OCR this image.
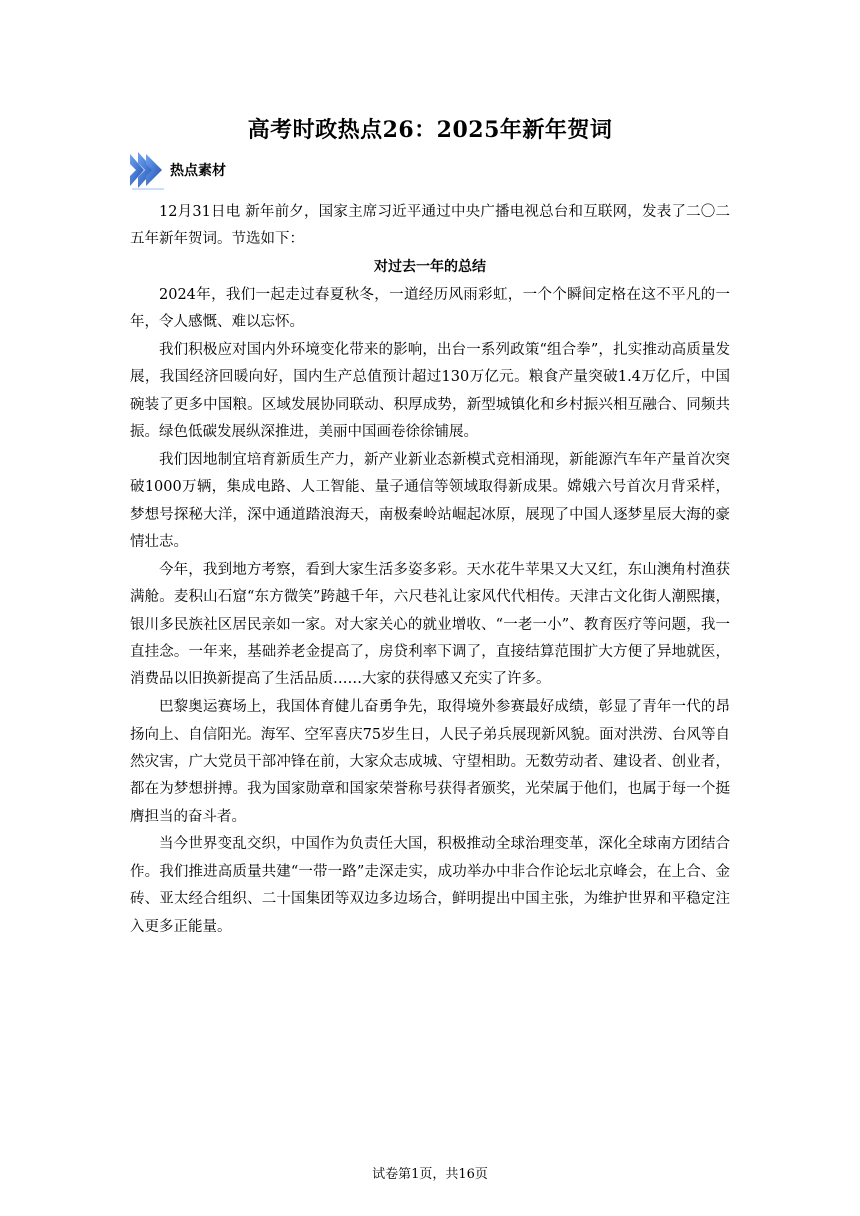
高考时政热点26：2025年新年贺词
热点素材

12月31日电 新年前夕，国家主席习近平通过中央广播电视总台和互联网，发表了二〇二五年新年贺词。节选如下：

对过去一年的总结

2024年，我们一起走过春夏秋冬，一道经历风雨彩虹，一个个瞬间定格在这不平凡的一年，令人感慨、难以忘怀。

我们积极应对国内外环境变化带来的影响，出台一系列政策“组合拳”，扎实推动高质量发展，我国经济回暖向好，国内生产总值预计超过130万亿元。粮食产量突破1.4万亿斤，中国碗装了更多中国粮。区域发展协同联动、积厚成势，新型城镇化和乡村振兴相互融合、同频共振。绿色低碳发展纵深推进，美丽中国画卷徐徐铺展。

我们因地制宜培育新质生产力，新产业新业态新模式竞相涌现，新能源汽车年产量首次突破1000万辆，集成电路、人工智能、量子通信等领域取得新成果。嫦娥六号首次月背采样，梦想号探秘大洋，深中通道踏浪海天，南极秦岭站崛起冰原，展现了中国人逐梦星辰大海的豪情壮志。

今年，我到地方考察，看到大家生活多姿多彩。天水花牛苹果又大又红，东山澳角村渔获满舱。麦积山石窟“东方微笑”跨越千年，六尺巷礼让家风代代相传。天津古文化街人潮熙攘，银川多民族社区居民亲如一家。对大家关心的就业增收、“一老一小”、教育医疗等问题，我一直挂念。一年来，基础养老金提高了，房贷利率下调了，直接结算范围扩大方便了异地就医，消费品以旧换新提高了生活品质……大家的获得感又充实了许多。

巴黎奥运赛场上，我国体育健儿奋勇争先，取得境外参赛最好成绩，彰显了青年一代的昂扬向上、自信阳光。海军、空军喜庆75岁生日，人民子弟兵展现新风貌。面对洪涝、台风等自然灾害，广大党员干部冲锋在前，大家众志成城、守望相助。无数劳动者、建设者、创业者，都在为梦想拼搏。我为国家勋章和国家荣誉称号获得者颁奖，光荣属于他们，也属于每一个挺膺担当的奋斗者。

当今世界变乱交织，中国作为负责任大国，积极推动全球治理变革，深化全球南方团结合作。我们推进高质量共建“一带一路”走深走实，成功举办中非合作论坛北京峰会，在上合、金砖、亚太经合组织、二十国集团等双边多边场合，鲜明提出中国主张，为维护世界和平稳定注入更多正能量。

试卷第1页，共16页
